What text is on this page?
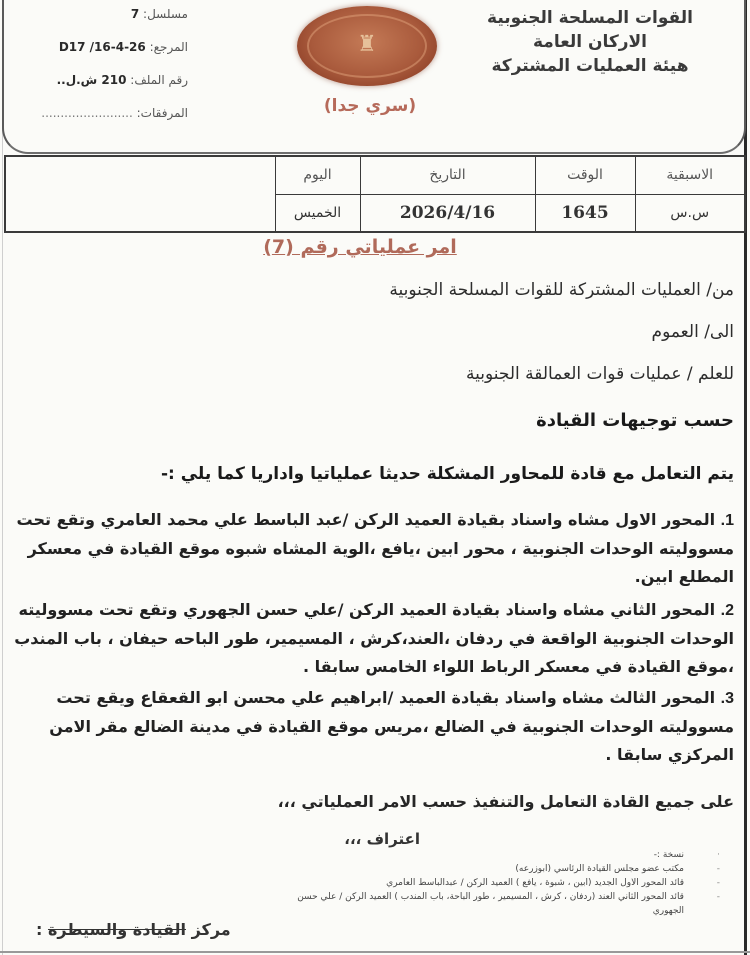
القوات المسلحة الجنوبية
الاركان العامة
هيئة العمليات المشتركة
♜
(سري جدا)
مسلسل: 7
المرجع: D17 /16-4-26
رقم الملف: 210 ش.ل..
المرفقات: ........................
الاسبقية	الوقت	التاريخ	اليوم	
س.س	1645	2026/4/16	الخميس	
امر عملياتي رقم (7)
من/ العمليات المشتركة للقوات المسلحة الجنوبية
الى/ العموم
للعلم / عمليات قوات العمالقة الجنوبية
حسب توجيهات القيادة
يتم التعامل مع قادة للمحاور المشكلة حديثا عملياتيا واداريا كما يلي :-
1. المحور الاول مشاه واسناد بقيادة العميد الركن /عبد الباسط علي محمد العامري وتقع تحت مسووليته الوحدات الجنوبية ، محور ابين ،يافع ،الوية المشاه شبوه موقع القيادة في معسكر المطلع ابين.
2. المحور الثاني مشاه واسناد بقيادة العميد الركن /علي حسن الجهوري وتقع تحت مسووليته الوحدات الجنوبية الواقعة في ردفان ،العند،كرش ، المسيمير، طور الباحه حيفان ، باب المندب ،موقع القيادة في معسكر الرباط اللواء الخامس سابقا .
3. المحور الثالث مشاه واسناد بقيادة العميد /ابراهيم علي محسن ابو القعقاع ويقع تحت مسووليته الوحدات الجنوبية في الضالع ،مريس موقع القيادة في مدينة الضالع مقر الامن المركزي سابقا .
على جميع القادة التعامل والتنفيذ حسب الامر العملياتي ،،،
اعتراف ،،،
·
نسخة :-
-
مكتب عضو مجلس القيادة الرئاسي (ابوزرعه)
-
قائد المحور الاول الجديد (ابين ، شبوة ، يافع ) العميد الركن / عبدالباسط العامري
-
قائد المحور الثاني العند (ردفان ، كرش ، المسيمير ، طور الباحة، باب المندب ) العميد الركن / علي حسن الجهوري
مركز القيادة والسيطرة :
